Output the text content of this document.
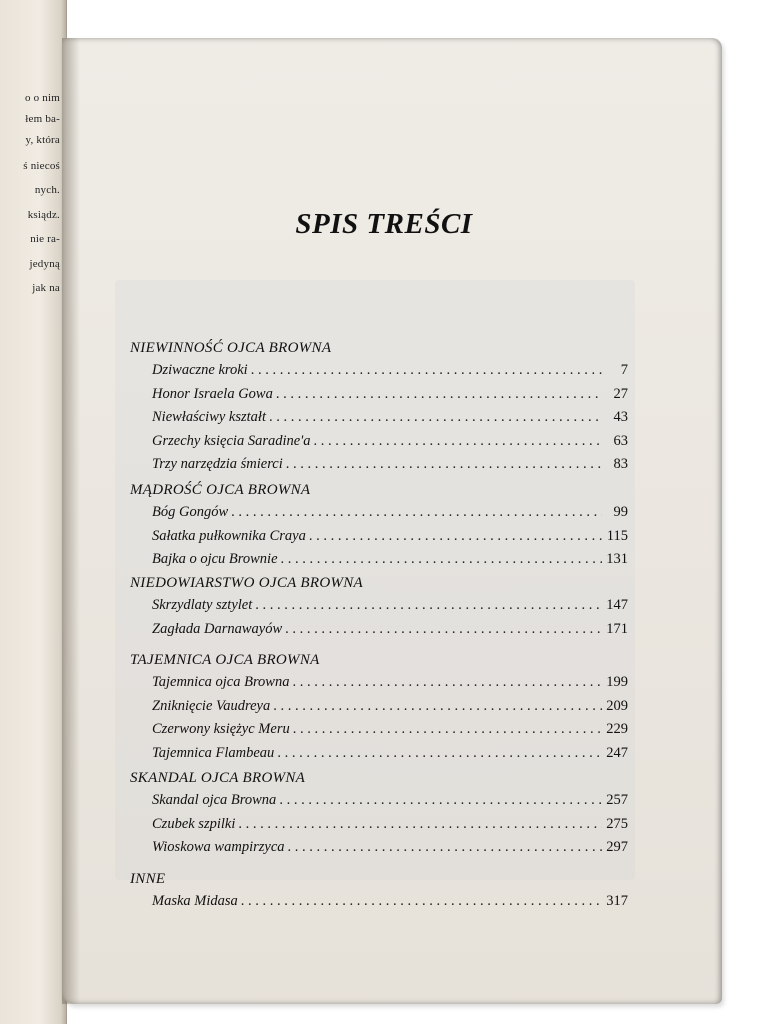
o o nim
łem ba-
y, która
ś niecoś
nych.
ksiądz.
nie ra-
jedyną
jak na
SPIS TREŚCI
NIEWINNOŚĆ OJCA BROWNA
Dziwaczne kroki . . .	7
Honor Israela Gowa . . .	27
Niewłaściwy kształt . . .	43
Grzechy księcia Saradine'a . . .	63
Trzy narzędzia śmierci . . .	83
MĄDROŚĆ OJCA BROWNA
Bóg Gongów . . .	99
Sałatka pułkownika Craya . . .	115
Bajka o ojcu Brownie . . .	131
NIEDOWIARSTWO OJCA BROWNA
Skrzydlaty sztylet . . .	147
Zagłada Darnawayów . . .	171
TAJEMNICA OJCA BROWNA
Tajemnica ojca Browna . . .	199
Zniknięcie Vaudreya . . .	209
Czerwony księżyc Meru . . .	229
Tajemnica Flambeau . . .	247
SKANDAL OJCA BROWNA
Skandal ojca Browna . . .	257
Czubek szpilki . . .	275
Wioskowa wampirzyca . . .	297
INNE
Maska Midasa . . .	317
